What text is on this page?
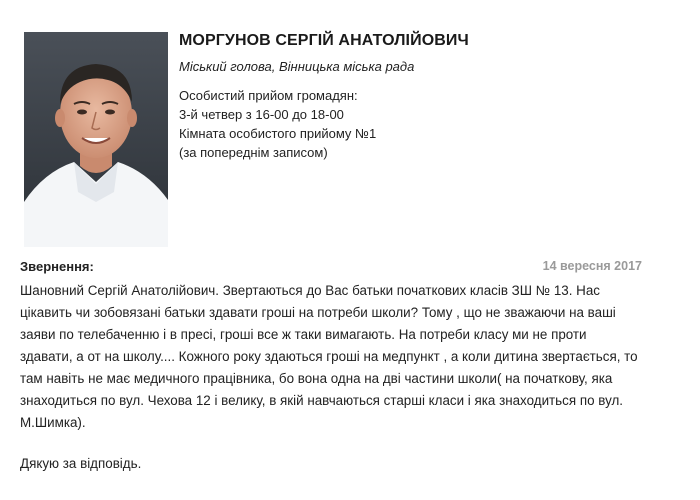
МОРГУНОВ СЕРГІЙ АНАТОЛІЙОВИЧ
Міський голова, Вінницька міська рада
Особистий прийом громадян:
3-й четвер з 16-00 до 18-00
Кімната особистого прийому №1
(за попереднім записом)
Звернення:	14 вересня 2017
Шановний Сергій Анатолійович. Звертаються до Вас батьки початкових класів ЗШ № 13. Нас
цікавить чи зобовязані батьки здавати гроші на потреби школи? Тому , що не зважаючи на ваші
заяви по телебаченню і в пресі, гроші все ж таки вимагають. На потреби класу ми не проти
здавати, а от на школу.... Кожного року здаються гроші на медпункт , а коли дитина звертається, то
там навіть не має медичного працівника, бо вона одна на дві частини школи( на початкову, яка
знаходиться по вул. Чехова 12 і велику, в якій навчаються старші класи і яка знаходиться по вул.
М.Шимка).
Дякую за відповідь.
